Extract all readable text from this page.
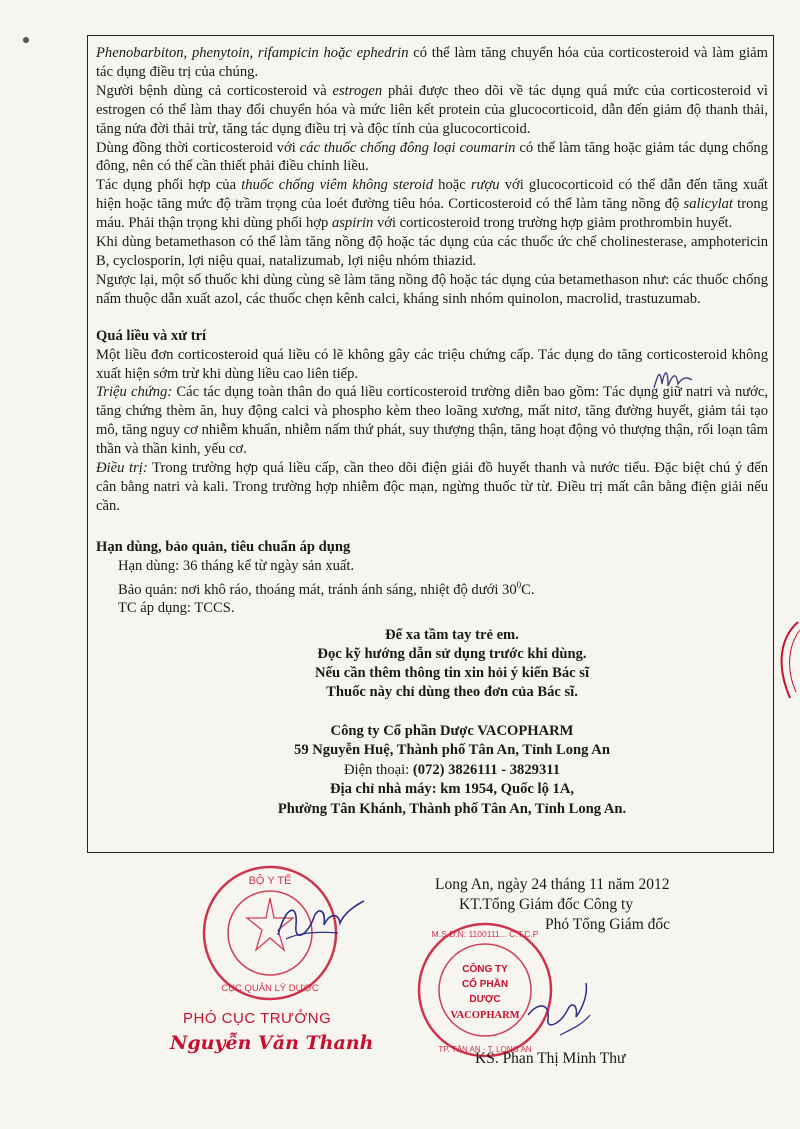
Phenobarbiton, phenytoin, rifampicin hoặc ephedrin có thể làm tăng chuyển hóa của corticosteroid và làm giảm tác dụng điều trị của chúng.

Người bệnh dùng cả corticosteroid và estrogen phải được theo dõi về tác dụng quá mức của corticosteroid vì estrogen có thể làm thay đổi chuyển hóa và mức liên kết protein của glucocorticoid, dẫn đến giảm độ thanh thải, tăng nửa đời thải trừ, tăng tác dụng điều trị và độc tính của glucocorticoid.

Dùng đồng thời corticosteroid với các thuốc chống đông loại coumarin có thể làm tăng hoặc giảm tác dụng chống đông, nên có thể cần thiết phải điều chỉnh liều.

Tác dụng phối hợp của thuốc chống viêm không steroid hoặc rượu với glucocorticoid có thể dẫn đến tăng xuất hiện hoặc tăng mức độ trầm trọng của loét đường tiêu hóa. Corticosteroid có thể làm tăng nồng độ salicylat trong máu. Phải thận trọng khi dùng phối hợp aspirin với corticosteroid trong trường hợp giảm prothrombin huyết.

Khi dùng betamethason có thể làm tăng nồng độ hoặc tác dụng của các thuốc ức chế cholinesterase, amphotericin B, cyclosporin, lợi niệu quai, natalizumab, lợi niệu nhóm thiazid.

Ngược lại, một số thuốc khi dùng cùng sẽ làm tăng nồng độ hoặc tác dụng của betamethason như: các thuốc chống nấm thuộc dẫn xuất azol, các thuốc chẹn kênh calci, kháng sinh nhóm quinolon, macrolid, trastuzumab.

Quá liều và xử trí

Một liều đơn corticosteroid quá liều có lẽ không gây các triệu chứng cấp. Tác dụng do tăng corticosteroid không xuất hiện sớm trừ khi dùng liều cao liên tiếp.

Triệu chứng: Các tác dụng toàn thân do quá liều corticosteroid trường diễn bao gồm: Tác dụng giữ natri và nước, tăng chứng thèm ăn, huy động calci và phospho kèm theo loãng xương, mất nitơ, tăng đường huyết, giảm tái tạo mô, tăng nguy cơ nhiễm khuẩn, nhiễm nấm thứ phát, suy thượng thận, tăng hoạt động vỏ thượng thận, rối loạn tâm thần và thần kinh, yếu cơ.

Điều trị: Trong trường hợp quá liều cấp, cần theo dõi điện giải đồ huyết thanh và nước tiểu. Đặc biệt chú ý đến cân bằng natri và kali. Trong trường hợp nhiễm độc mạn, ngừng thuốc từ từ. Điều trị mất cân bằng điện giải nếu cần.

Hạn dùng, bảo quản, tiêu chuẩn áp dụng

Hạn dùng: 36 tháng kể từ ngày sản xuất.

Bảo quản: nơi khô ráo, thoáng mát, tránh ánh sáng, nhiệt độ dưới $30^0C$.

TC áp dụng: TCCS.

Để xa tầm tay trẻ em.

Đọc kỹ hướng dẫn sử dụng trước khi dùng.

Nếu cần thêm thông tin xin hỏi ý kiến Bác sĩ

Thuốc này chỉ dùng theo đơn của Bác sĩ.

Công ty Cổ phần Dược VACOPHARM

59 Nguyễn Huệ, Thành phố Tân An, Tỉnh Long An

Điện thoại: (072) 3826111 - 3829311

Địa chỉ nhà máy: km 1954, Quốc lộ 1A,

Phường Tân Khánh, Thành phố Tân An, Tỉnh Long An.

BỘ Y TẾ
CỤC QUẢN LÝ DƯỢC
PHÓ CỤC TRƯỞNG
Nguyễn Văn Thanh
Long An, ngày 24 tháng 11 năm 2012
KT.Tổng Giám đốc Công ty
Phó Tổng Giám đốc
M.S.D.N: 1100111... C.T.C.P
TP. TÂN AN - T. LONG AN
CÔNG TY
CỔ PHẦN
DƯỢC
VACOPHARM
KS. Phan Thị Minh Thư
